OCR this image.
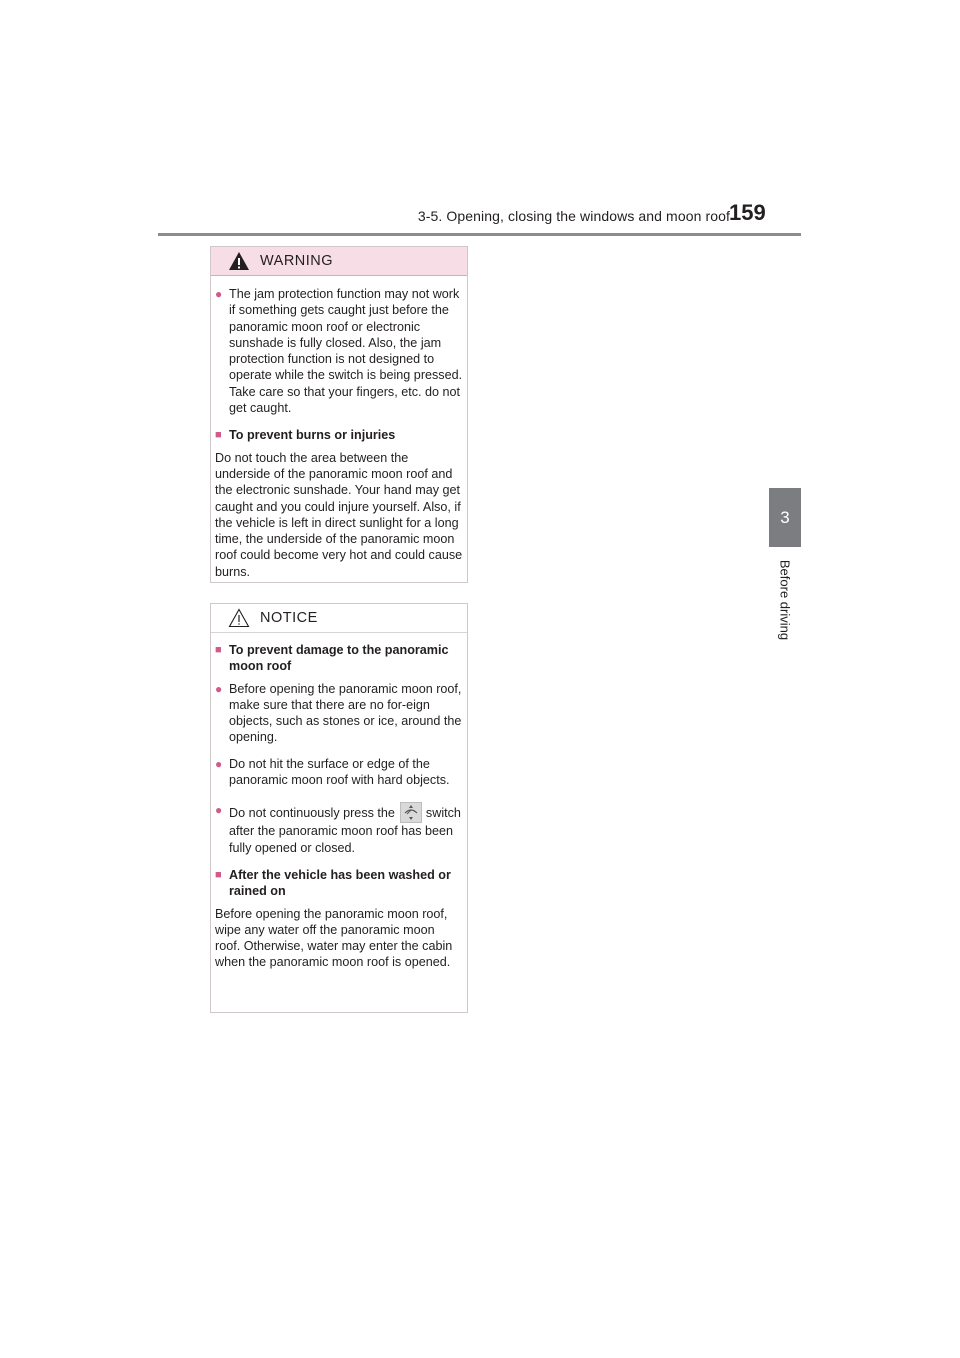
3-5. Opening, closing the windows and moon roof 159
3
Before driving
WARNING
● The jam protection function may not work if something gets caught just before the panoramic moon roof or electronic sunshade is fully closed. Also, the jam protection function is not designed to operate while the switch is being pressed. Take care so that your fingers, etc. do not get caught.
■ To prevent burns or injuries
Do not touch the area between the underside of the panoramic moon roof and the electronic sunshade. Your hand may get caught and you could injure yourself. Also, if the vehicle is left in direct sunlight for a long time, the underside of the panoramic moon roof could become very hot and could cause burns.
NOTICE
■ To prevent damage to the panoramic moon roof
● Before opening the panoramic moon roof, make sure that there are no for-eign objects, such as stones or ice, around the opening.
● Do not hit the surface or edge of the panoramic moon roof with hard objects.
● Do not continuously press the switch after the panoramic moon roof has been fully opened or closed.
■ After the vehicle has been washed or rained on
Before opening the panoramic moon roof, wipe any water off the panoramic moon roof. Otherwise, water may enter the cabin when the panoramic moon roof is opened.
